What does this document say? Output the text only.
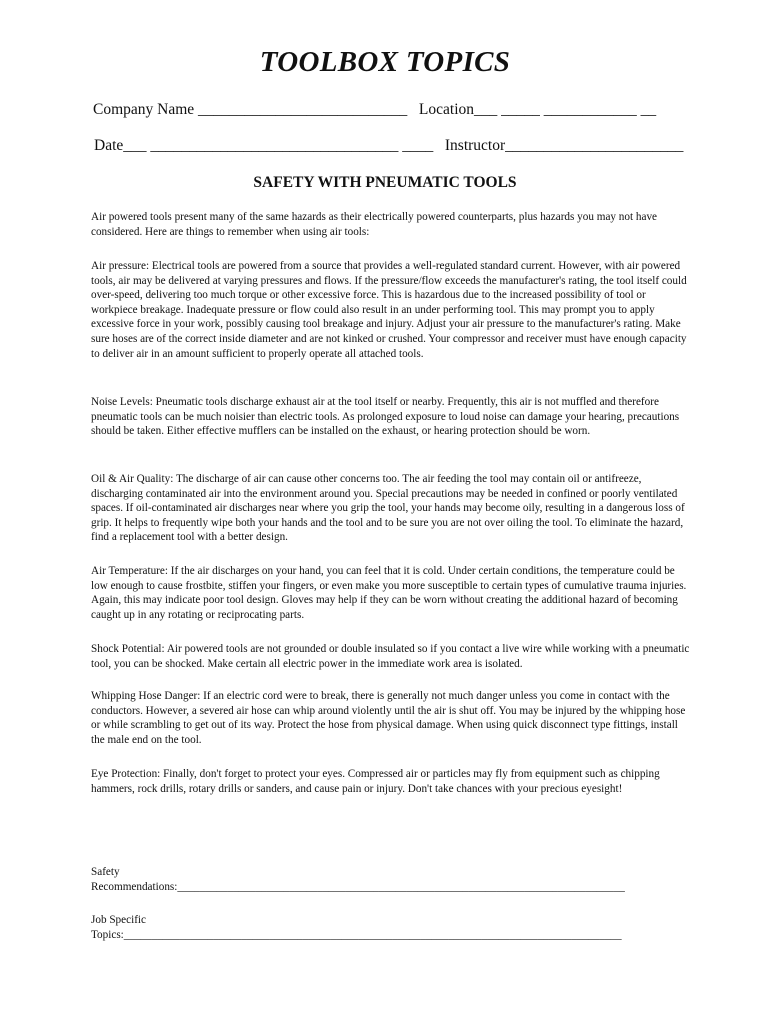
TOOLBOX TOPICS
Company Name ___________________________   Location___ _____ ____________ __
Date___ ________________________________ ____   Instructor_______________________
SAFETY WITH PNEUMATIC TOOLS

Air powered tools present many of the same hazards as their electrically powered counterparts, plus hazards you may not have considered. Here are things to remember when using air tools:

Air pressure: Electrical tools are powered from a source that provides a well-regulated standard current. However, with air powered tools, air may be delivered at varying pressures and flows. If the pressure/flow exceeds the manufacturer's rating, the tool itself could over-speed, delivering too much torque or other excessive force. This is hazardous due to the increased possibility of tool or workpiece breakage. Inadequate pressure or flow could also result in an under performing tool. This may prompt you to apply excessive force in your work, possibly causing tool breakage and injury. Adjust your air pressure to the manufacturer's rating. Make sure hoses are of the correct inside diameter and are not kinked or crushed. Your compressor and receiver must have enough capacity to deliver air in an amount sufficient to properly operate all attached tools.

Noise Levels: Pneumatic tools discharge exhaust air at the tool itself or nearby. Frequently, this air is not muffled and therefore pneumatic tools can be much noisier than electric tools. As prolonged exposure to loud noise can damage your hearing, precautions should be taken. Either effective mufflers can be installed on the exhaust, or hearing protection should be worn.

Oil & Air Quality: The discharge of air can cause other concerns too. The air feeding the tool may contain oil or antifreeze, discharging contaminated air into the environment around you. Special precautions may be needed in confined or poorly ventilated spaces. If oil-contaminated air discharges near where you grip the tool, your hands may become oily, resulting in a dangerous loss of grip. It helps to frequently wipe both your hands and the tool and to be sure you are not over oiling the tool. To eliminate the hazard, find a replacement tool with a better design.

Air Temperature: If the air discharges on your hand, you can feel that it is cold. Under certain conditions, the temperature could be low enough to cause frostbite, stiffen your fingers, or even make you more susceptible to certain types of cumulative trauma injuries. Again, this may indicate poor tool design. Gloves may help if they can be worn without creating the additional hazard of becoming caught up in any rotating or reciprocating parts.

Shock Potential: Air powered tools are not grounded or double insulated so if you contact a live wire while working with a pneumatic tool, you can be shocked. Make certain all electric power in the immediate work area is isolated.

Whipping Hose Danger: If an electric cord were to break, there is generally not much danger unless you come in contact with the conductors. However, a severed air hose can whip around violently until the air is shut off. You may be injured by the whipping hose or while scrambling to get out of its way. Protect the hose from physical damage. When using quick disconnect type fittings, install the male end on the tool.

Eye Protection: Finally, don't forget to protect your eyes. Compressed air or particles may fly from equipment such as chipping hammers, rock drills, rotary drills or sanders, and cause pain or injury. Don't take chances with your precious eyesight!

Safety
Recommendations:________________________________________________________________________________
Job Specific
Topics:_________________________________________________________________________________________
